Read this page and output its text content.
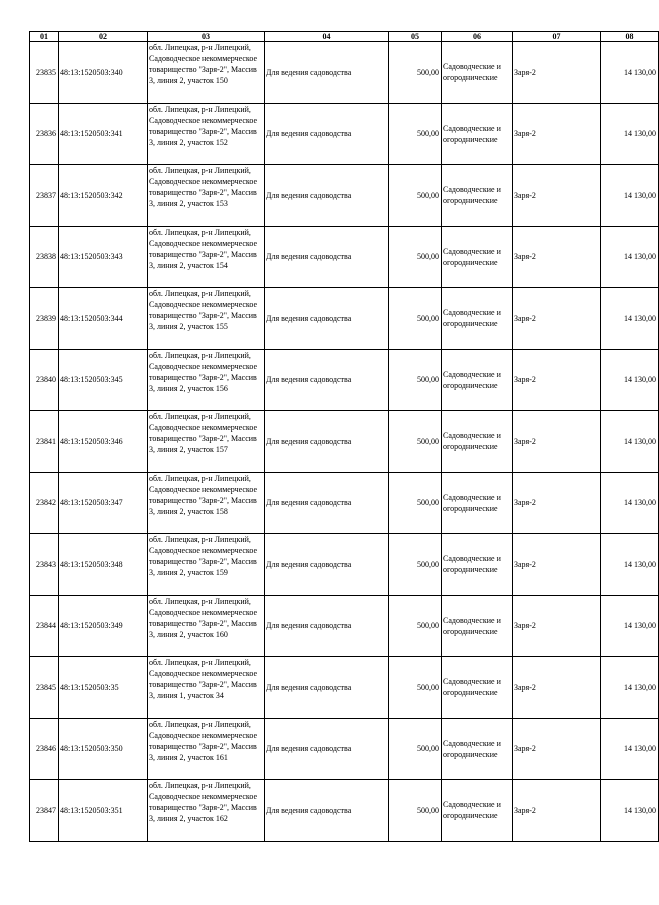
01	02	03	04	05	06	07	08
23835	48:13:1520503:340	обл. Липецкая, р-н Липецкий, Садоводческое некоммерческое товарищество "Заря-2", Массив 3, линия 2, участок 150	Для ведения садоводства	500,00	Садоводческие и огороднические	Заря-2	14 130,00
23836	48:13:1520503:341	обл. Липецкая, р-н Липецкий, Садоводческое некоммерческое товарищество "Заря-2", Массив 3, линия 2, участок 152	Для ведения садоводства	500,00	Садоводческие и огороднические	Заря-2	14 130,00
23837	48:13:1520503:342	обл. Липецкая, р-н Липецкий, Садоводческое некоммерческое товарищество "Заря-2", Массив 3, линия 2, участок 153	Для ведения садоводства	500,00	Садоводческие и огороднические	Заря-2	14 130,00
23838	48:13:1520503:343	обл. Липецкая, р-н Липецкий, Садоводческое некоммерческое товарищество "Заря-2", Массив 3, линия 2, участок 154	Для ведения садоводства	500,00	Садоводческие и огороднические	Заря-2	14 130,00
23839	48:13:1520503:344	обл. Липецкая, р-н Липецкий, Садоводческое некоммерческое товарищество "Заря-2", Массив 3, линия 2, участок 155	Для ведения садоводства	500,00	Садоводческие и огороднические	Заря-2	14 130,00
23840	48:13:1520503:345	обл. Липецкая, р-н Липецкий, Садоводческое некоммерческое товарищество "Заря-2", Массив 3, линия 2, участок 156	Для ведения садоводства	500,00	Садоводческие и огороднические	Заря-2	14 130,00
23841	48:13:1520503:346	обл. Липецкая, р-н Липецкий, Садоводческое некоммерческое товарищество "Заря-2", Массив 3, линия 2, участок 157	Для ведения садоводства	500,00	Садоводческие и огороднические	Заря-2	14 130,00
23842	48:13:1520503:347	обл. Липецкая, р-н Липецкий, Садоводческое некоммерческое товарищество "Заря-2", Массив 3, линия 2, участок 158	Для ведения садоводства	500,00	Садоводческие и огороднические	Заря-2	14 130,00
23843	48:13:1520503:348	обл. Липецкая, р-н Липецкий, Садоводческое некоммерческое товарищество "Заря-2", Массив 3, линия 2, участок 159	Для ведения садоводства	500,00	Садоводческие и огороднические	Заря-2	14 130,00
23844	48:13:1520503:349	обл. Липецкая, р-н Липецкий, Садоводческое некоммерческое товарищество "Заря-2", Массив 3, линия 2, участок 160	Для ведения садоводства	500,00	Садоводческие и огороднические	Заря-2	14 130,00
23845	48:13:1520503:35	обл. Липецкая, р-н Липецкий, Садоводческое некоммерческое товарищество "Заря-2", Массив 3, линия 1, участок 34	Для ведения садоводства	500,00	Садоводческие и огороднические	Заря-2	14 130,00
23846	48:13:1520503:350	обл. Липецкая, р-н Липецкий, Садоводческое некоммерческое товарищество "Заря-2", Массив 3, линия 2, участок 161	Для ведения садоводства	500,00	Садоводческие и огороднические	Заря-2	14 130,00
23847	48:13:1520503:351	обл. Липецкая, р-н Липецкий, Садоводческое некоммерческое товарищество "Заря-2", Массив 3, линия 2, участок 162	Для ведения садоводства	500,00	Садоводческие и огороднические	Заря-2	14 130,00
